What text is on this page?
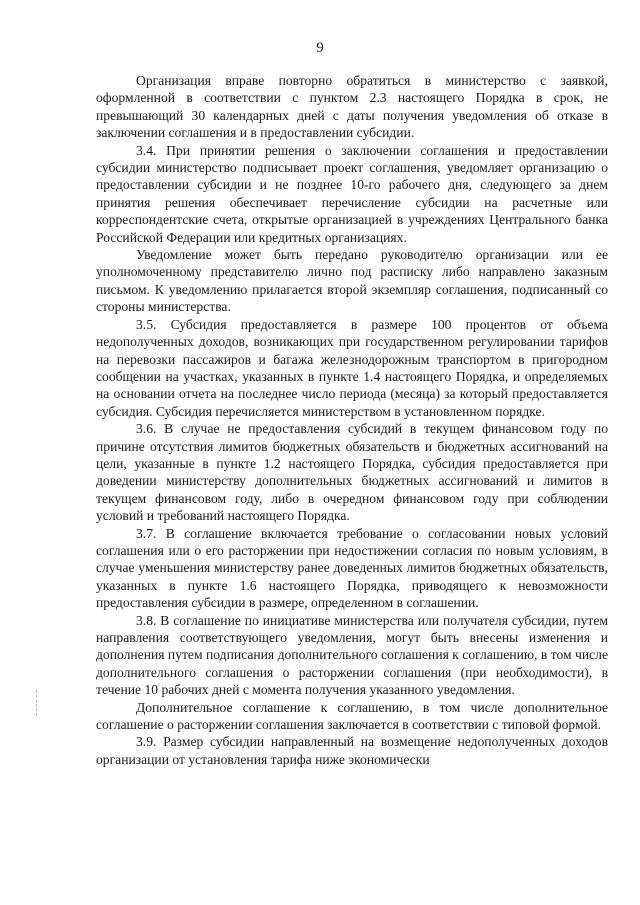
9

Организация вправе повторно обратиться в министерство с заявкой, оформленной в соответствии с пунктом 2.3 настоящего Порядка в срок, не превышающий 30 календарных дней с даты получения уведомления об отказе в заключении соглашения и в предоставлении субсидии.

3.4. При принятии решения о заключении соглашения и предоставлении субсидии министерство подписывает проект соглашения, уведомляет организацию о предоставлении субсидии и не позднее 10-го рабочего дня, следующего за днем принятия решения обеспечивает перечисление субсидии на расчетные или корреспондентские счета, открытые организацией в учреждениях Центрального банка Российской Федерации или кредитных организациях.

Уведомление может быть передано руководителю организации или ее уполномоченному представителю лично под расписку либо направлено заказным письмом. К уведомлению прилагается второй экземпляр соглашения, подписанный со стороны министерства.

3.5. Субсидия предоставляется в размере 100 процентов от объема недополученных доходов, возникающих при государственном регулировании тарифов на перевозки пассажиров и багажа железнодорожным транспортом в пригородном сообщении на участках, указанных в пункте 1.4 настоящего Порядка, и определяемых на основании отчета на последнее число периода (месяца) за который предоставляется субсидия. Субсидия перечисляется министерством в установленном порядке.

3.6. В случае не предоставления субсидий в текущем финансовом году по причине отсутствия лимитов бюджетных обязательств и бюджетных ассигнований на цели, указанные в пункте 1.2 настоящего Порядка, субсидия предоставляется при доведении министерству дополнительных бюджетных ассигнований и лимитов в текущем финансовом году, либо в очередном финансовом году при соблюдении условий и требований настоящего Порядка.

3.7. В соглашение включается требование о согласовании новых условий соглашения или о его расторжении при недостижении согласия по новым условиям, в случае уменьшения министерству ранее доведенных лимитов бюджетных обязательств, указанных в пункте 1.6 настоящего Порядка, приводящего к невозможности предоставления субсидии в размере, определенном в соглашении.

3.8. В соглашение по инициативе министерства или получателя субсидии, путем направления соответствующего уведомления, могут быть внесены изменения и дополнения путем подписания дополнительного соглашения к соглашению, в том числе дополнительного соглашения о расторжении соглашения (при необходимости), в течение 10 рабочих дней с момента получения указанного уведомления.

Дополнительное соглашение к соглашению, в том числе дополнительное соглашение о расторжении соглашения заключается в соответствии с типовой формой.

3.9. Размер субсидии направленный на возмещение недополученных доходов организации от установления тарифа ниже экономически
